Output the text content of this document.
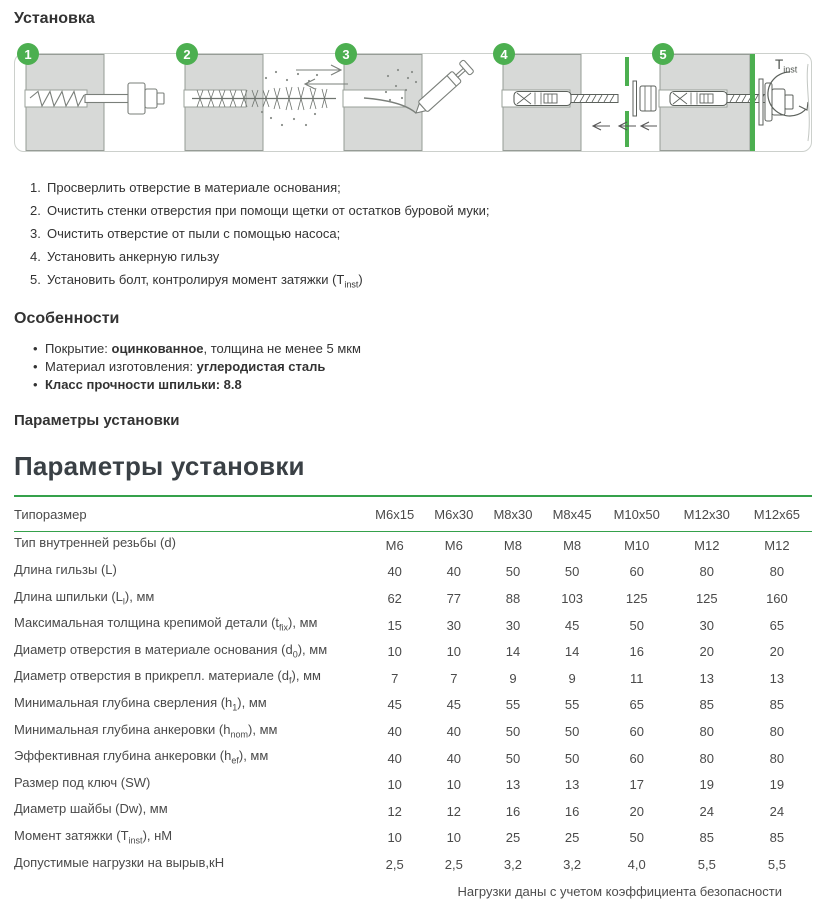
Установка
1	2	3	4	5
$T_{inst}$
1. Просверлить отверстие в материале основания;
2. Очистить стенки отверстия при помощи щетки от остатков буровой муки;
3. Очистить отверстие от пыли с помощью насоса;
4. Установить анкерную гильзу
5. Установить болт, контролируя момент затяжки $(T_{inst})$
Особенности
• Покрытие: оцинкованное, толщина не менее 5 мкм
• Материал изготовления: углеродистая сталь
• Класс прочности шпильки: 8.8
Параметры установки
Параметры установки
Типоразмер	M6x15	M6x30	M8x30	M8x45	M10x50	M12x30	M12x65
Тип внутренней резьбы (d)	M6	M6	M8	M8	M10	M12	M12
Длина гильзы (L)	40	40	50	50	60	80	80
Длина шпильки $(L_l)$, мм	62	77	88	103	125	125	160
Максимальная толщина крепимой детали $(t_{fix})$, мм	15	30	30	45	50	30	65
Диаметр отверстия в материале основания $(d_0)$, мм	10	10	14	14	16	20	20
Диаметр отверстия в прикрепл. материале $(d_f)$, мм	7	7	9	9	11	13	13
Минимальная глубина сверления $(h_1)$, мм	45	45	55	55	65	85	85
Минимальная глубина анкеровки $(h_{nom})$, мм	40	40	50	50	60	80	80
Эффективная глубина анкеровки $(h_{ef})$, мм	40	40	50	50	60	80	80
Размер под ключ (SW)	10	10	13	13	17	19	19
Диаметр шайбы (Dw), мм	12	12	16	16	20	24	24
Момент затяжки $(T_{inst})$, нМ	10	10	25	25	50	85	85
Допустимые нагрузки на вырыв,кН	2,5	2,5	3,2	3,2	4,0	5,5	5,5
Нагрузки даны с учетом коэффициента безопасности
